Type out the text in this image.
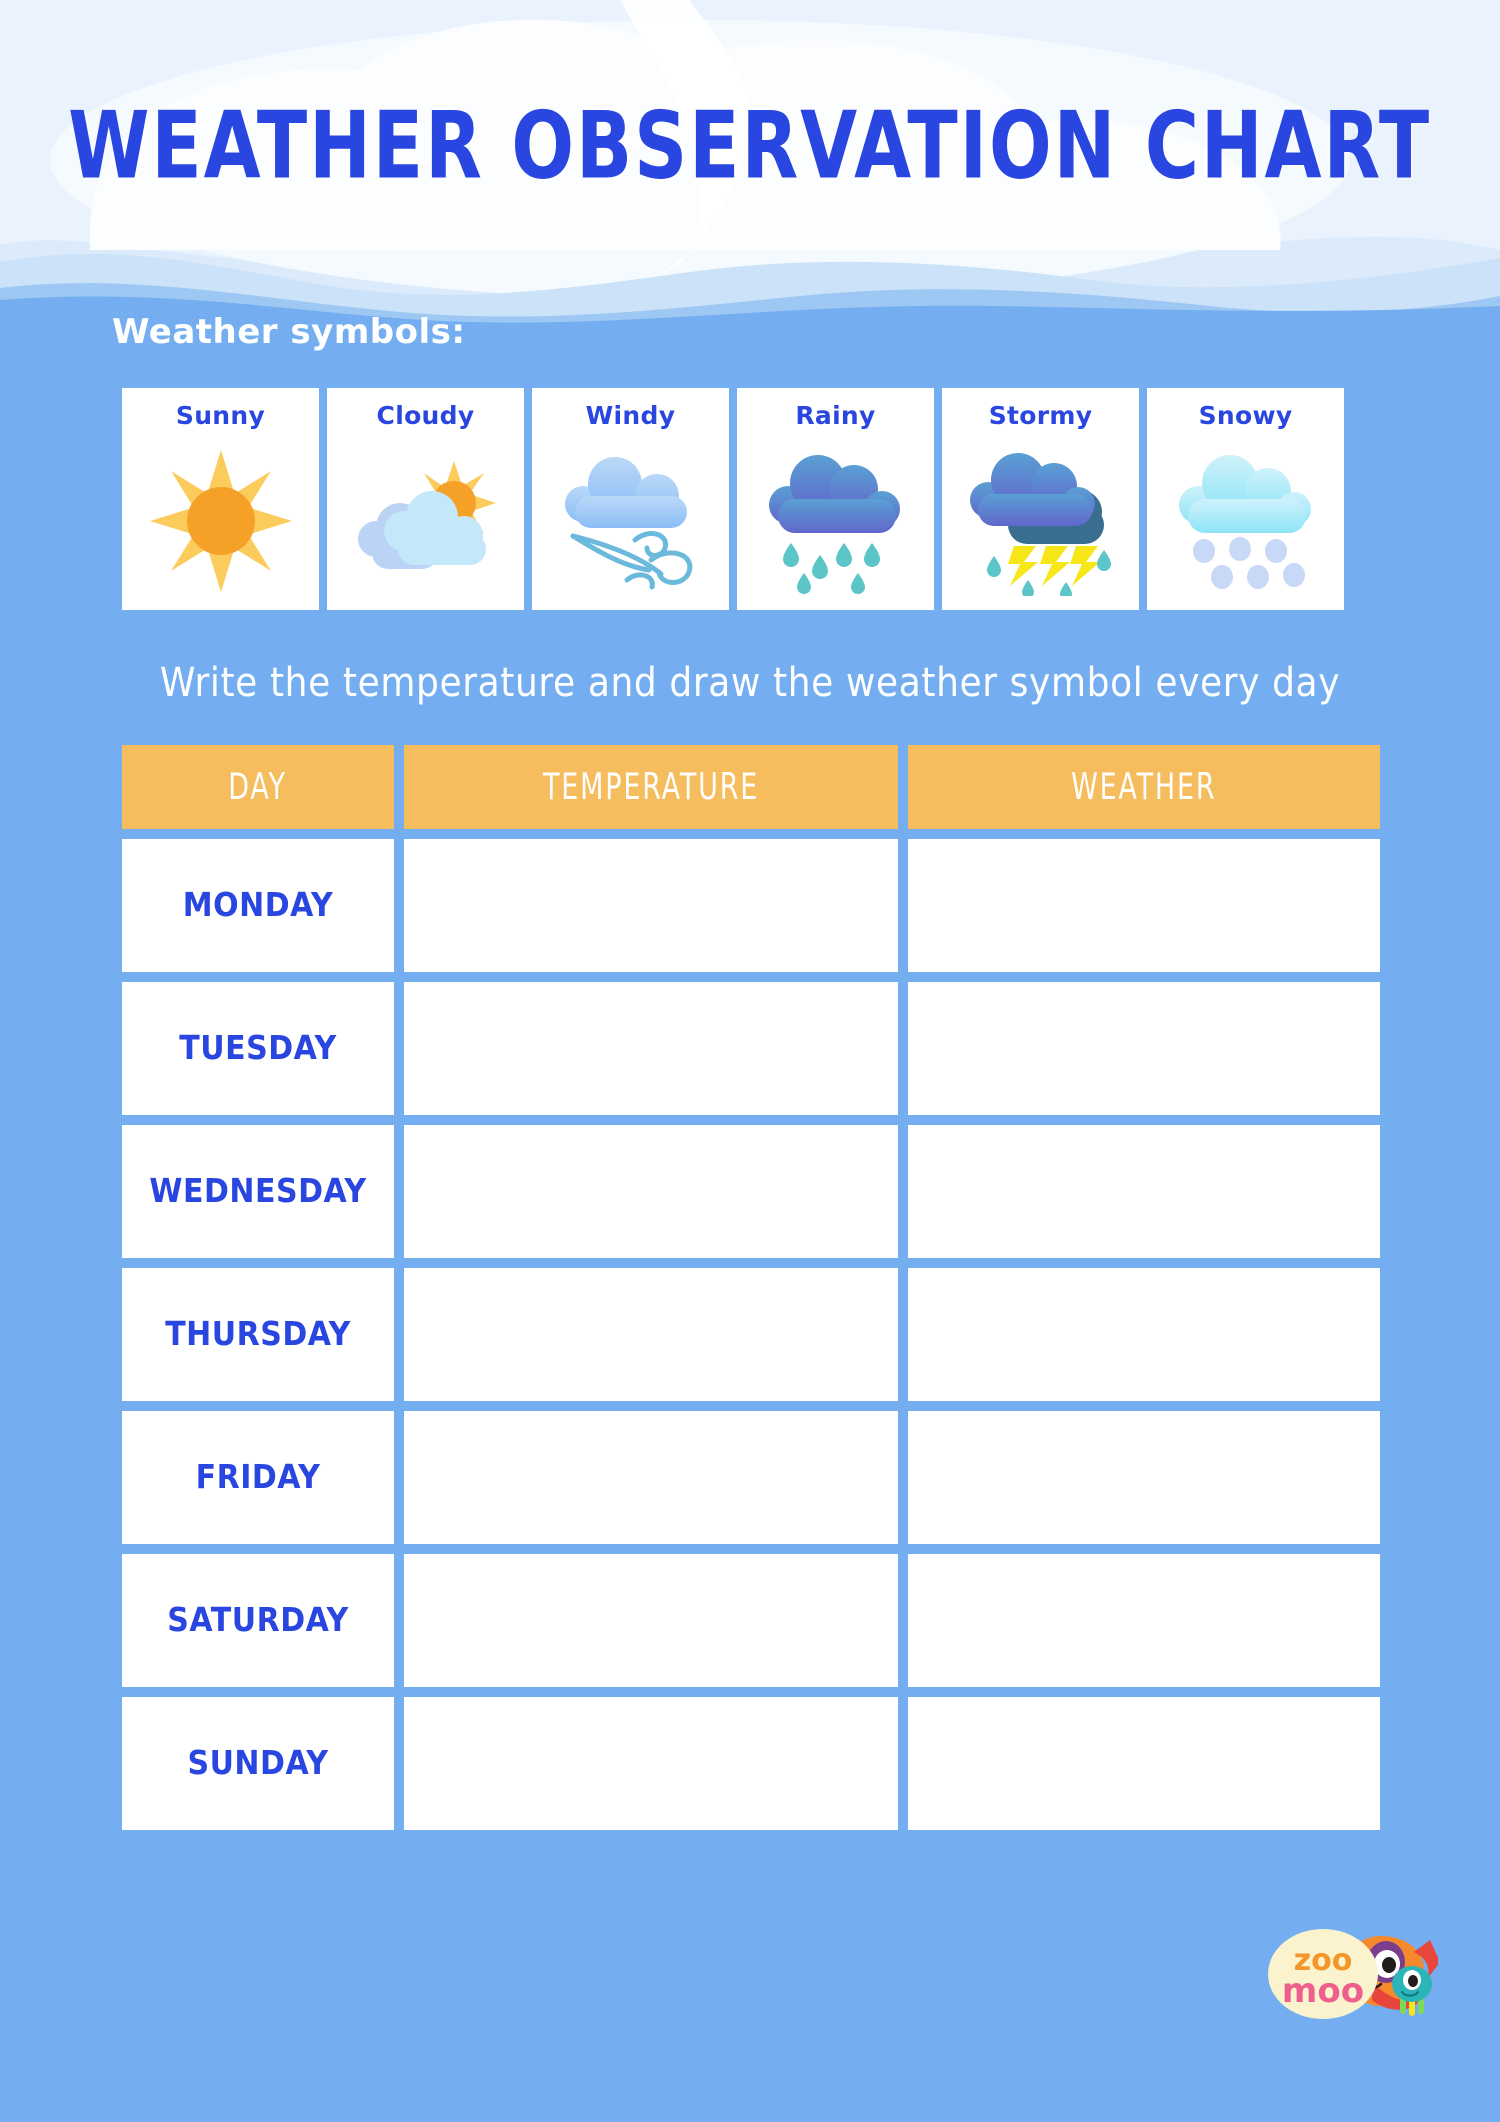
WEATHER OBSERVATION CHART
Weather symbols:
Sunny	Cloudy	Windy	Rainy	Stormy	Snowy
Write the temperature and draw the weather symbol every day
DAY	TEMPERATURE	WEATHER
MONDAY
TUESDAY
WEDNESDAY
THURSDAY
FRIDAY
SATURDAY
SUNDAY
zoo
moo
